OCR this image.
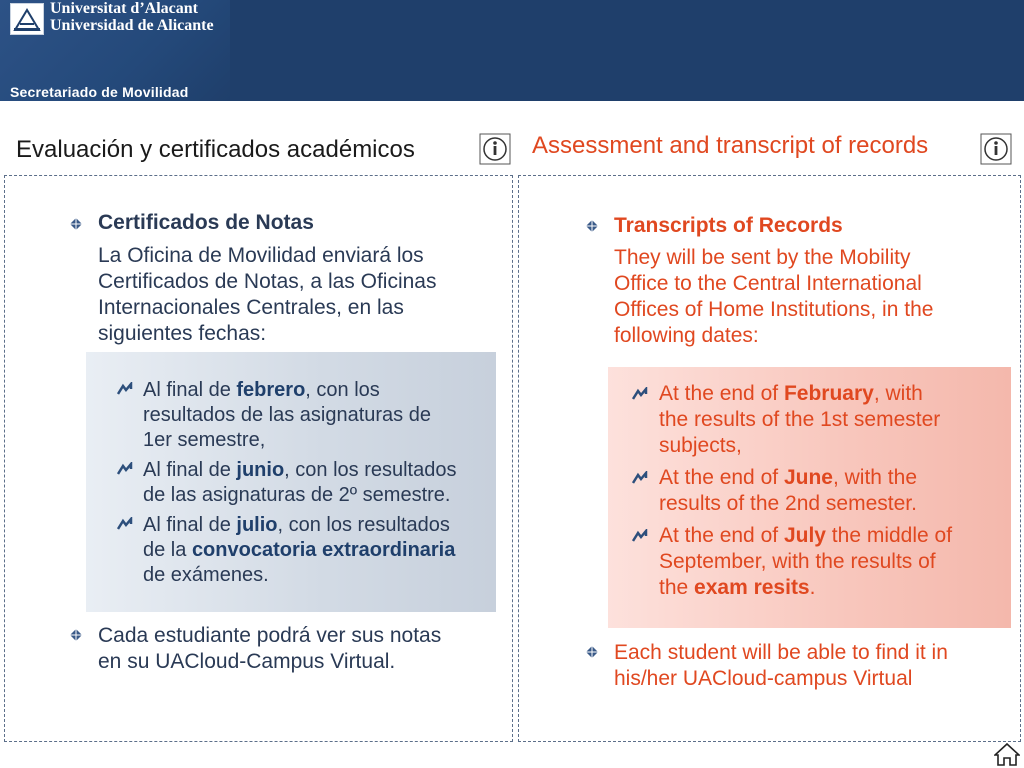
Universitat d’Alacant
Universidad de Alicante
Secretariado de Movilidad
Evaluación y certificados académicos	Assessment and transcript of records
Certificados de Notas
La Oficina de Movilidad enviará los
Certificados de Notas, a las Oficinas
Internacionales Centrales, en las
siguientes fechas:
Al final de febrero, con los
resultados de las asignaturas de
1er semestre,
Al final de junio, con los resultados
de las asignaturas de 2º semestre.
Al final de julio, con los resultados
de la convocatoria extraordinaria
de exámenes.
Cada estudiante podrá ver sus notas
en su UACloud-Campus Virtual.
Transcripts of Records
They will be sent by the Mobility
Office to the Central International
Offices of Home Institutions, in the
following dates:
At the end of February, with
the results of the 1st semester
subjects,
At the end of June, with the
results of the 2nd semester.
At the end of July the middle of
September, with the results of
the exam resits.
Each student will be able to find it in
his/her UACloud-campus Virtual
